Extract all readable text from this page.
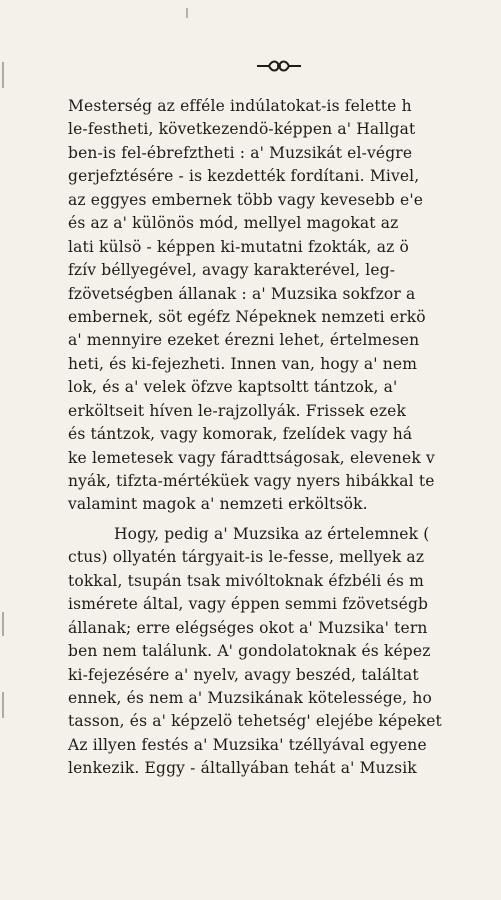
Mesterség az efféle indúlatokat-is felette h
le-festheti, következendö-képpen a' Hallgat
ben-is fel-ébrefztheti : a' Muzsikát el-végre
gerjefztésére - is kezdették fordítani. Mivel,
az eggyes embernek több vagy kevesebb e'e
és az a' különös mód, mellyel magokat az
lati külsö - képpen ki-mutatni fzokták, az ö
fzív béllyegével, avagy karakterével, leg-
fzövetségben állanak : a' Muzsika sokfzor a
embernek, söt egéfz Népeknek nemzeti erkö
a' mennyire ezeket érezni lehet, értelmesen
heti, és ki-fejezheti. Innen van, hogy a' nem
lok, és a' velek öfzve kaptsoltt tántzok, a'
erköltseit híven le-rajzollyák. Frissek ezek
és tántzok, vagy komorak, fzelídek vagy há
ke lemetesek vagy fáradttságosak, elevenek v
nyák, tifzta-mértéküek vagy nyers hibákkal te
valamint magok a' nemzeti erköltsök.
Hogy, pedig a' Muzsika az értelemnek (
ctus) ollyatén tárgyait-is le-fesse, mellyek az
tokkal, tsupán tsak mivóltoknak éfzbéli és m
ismérete által, vagy éppen semmi fzövetségb
állanak; erre elégséges okot a' Muzsika' tern
ben nem találunk. A' gondolatoknak és képez
ki-fejezésére a' nyelv, avagy beszéd, találtat
ennek, és nem a' Muzsikának kötelessége, ho
tasson, és a' képzelö tehetség' elejébe képeket
Az illyen festés a' Muzsika' tzéllyával egyene
lenkezik. Eggy - általlyában tehát a' Muzsik
